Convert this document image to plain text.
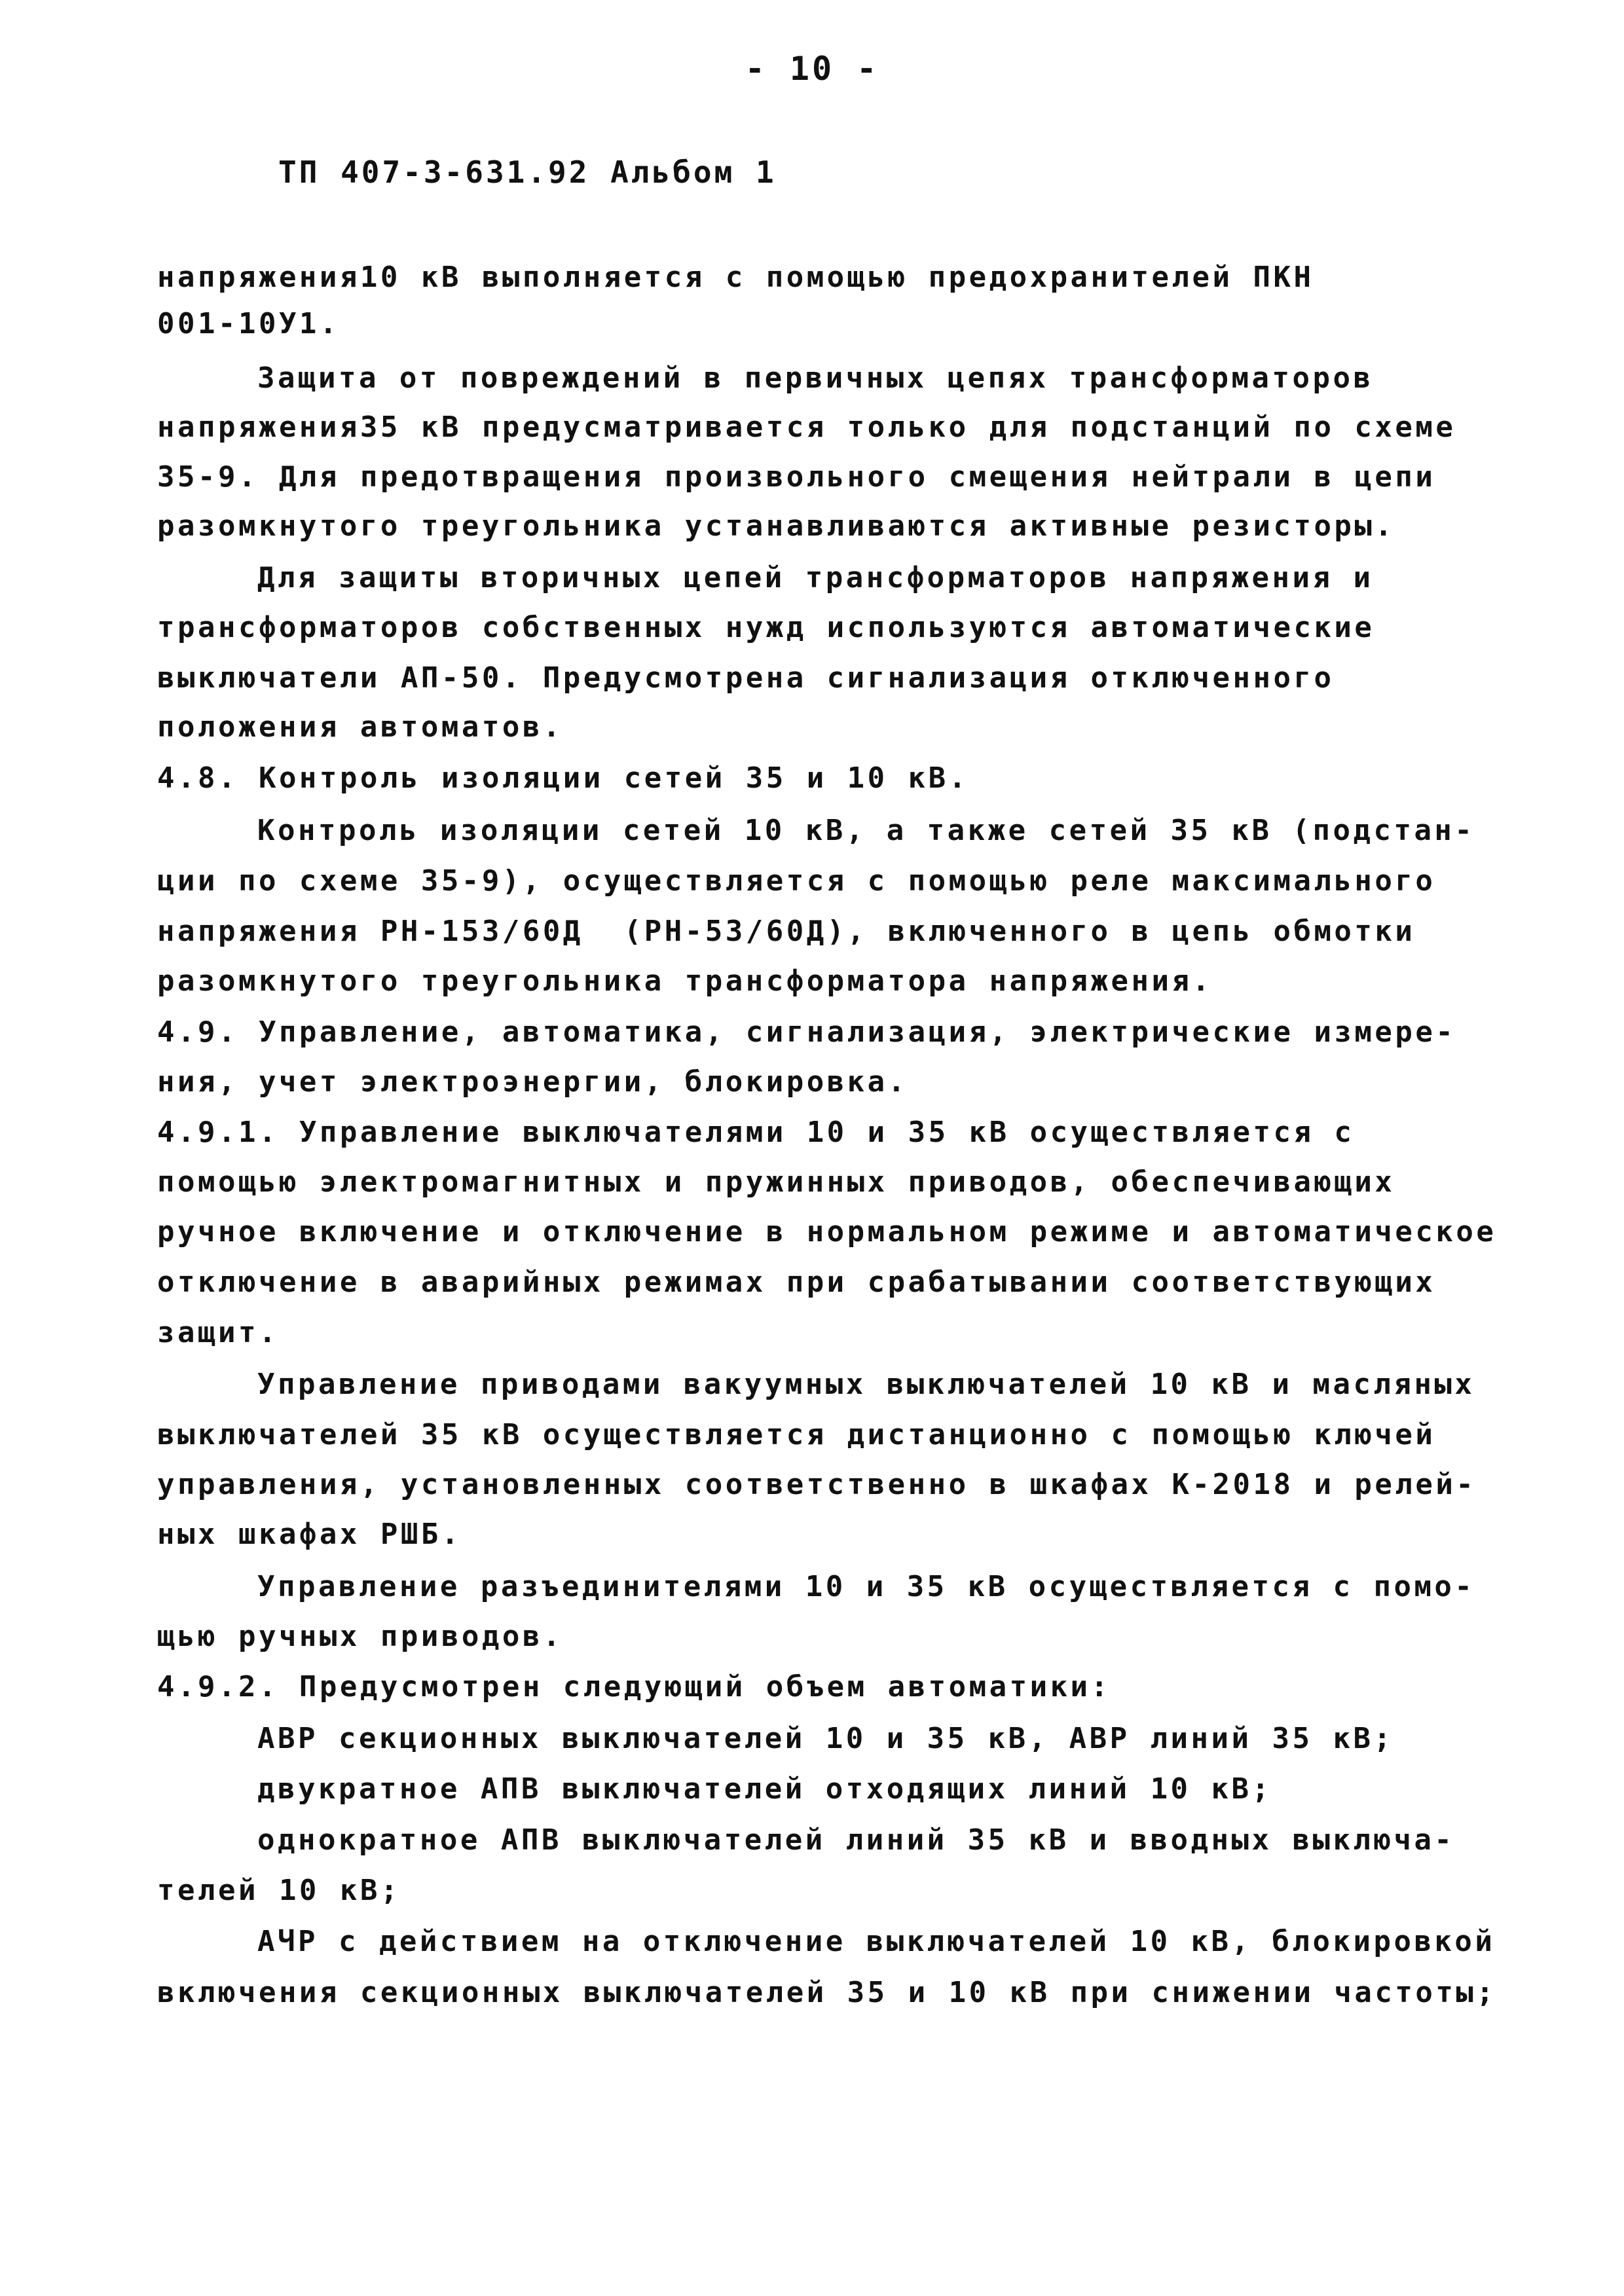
- 10 -
ТП 407-3-631.92 Альбом 1
напряжения10 кВ выполняется с помощью предохранителей ПКН
001-10У1.
Защита от повреждений в первичных цепях трансформаторов
напряжения35 кВ предусматривается только для подстанций по схеме
35-9. Для предотвращения произвольного смещения нейтрали в цепи
разомкнутого треугольника устанавливаются активные резисторы.
Для защиты вторичных цепей трансформаторов напряжения и
трансформаторов собственных нужд используются автоматические
выключатели АП-50. Предусмотрена сигнализация отключенного
положения автоматов.
4.8. Контроль изоляции сетей 35 и 10 кВ.
Контроль изоляции сетей 10 кВ, а также сетей 35 кВ (подстан-
ции по схеме 35-9), осуществляется с помощью реле максимального
напряжения РН-153/60Д  (РН-53/60Д), включенного в цепь обмотки
разомкнутого треугольника трансформатора напряжения.
4.9. Управление, автоматика, сигнализация, электрические измере-
ния, учет электроэнергии, блокировка.
4.9.1. Управление выключателями 10 и 35 кВ осуществляется с
помощью электромагнитных и пружинных приводов, обеспечивающих
ручное включение и отключение в нормальном режиме и автоматическое
отключение в аварийных режимах при срабатывании соответствующих
защит.
Управление приводами вакуумных выключателей 10 кВ и масляных
выключателей 35 кВ осуществляется дистанционно с помощью ключей
управления, установленных соответственно в шкафах К-2018 и релей-
ных шкафах РШБ.
Управление разъединителями 10 и 35 кВ осуществляется с помо-
щью ручных приводов.
4.9.2. Предусмотрен следующий объем автоматики:
АВР секционных выключателей 10 и 35 кВ, АВР линий 35 кВ;
двукратное АПВ выключателей отходящих линий 10 кВ;
однократное АПВ выключателей линий 35 кВ и вводных выключа-
телей 10 кВ;
АЧР с действием на отключение выключателей 10 кВ, блокировкой
включения секционных выключателей 35 и 10 кВ при снижении частоты;
